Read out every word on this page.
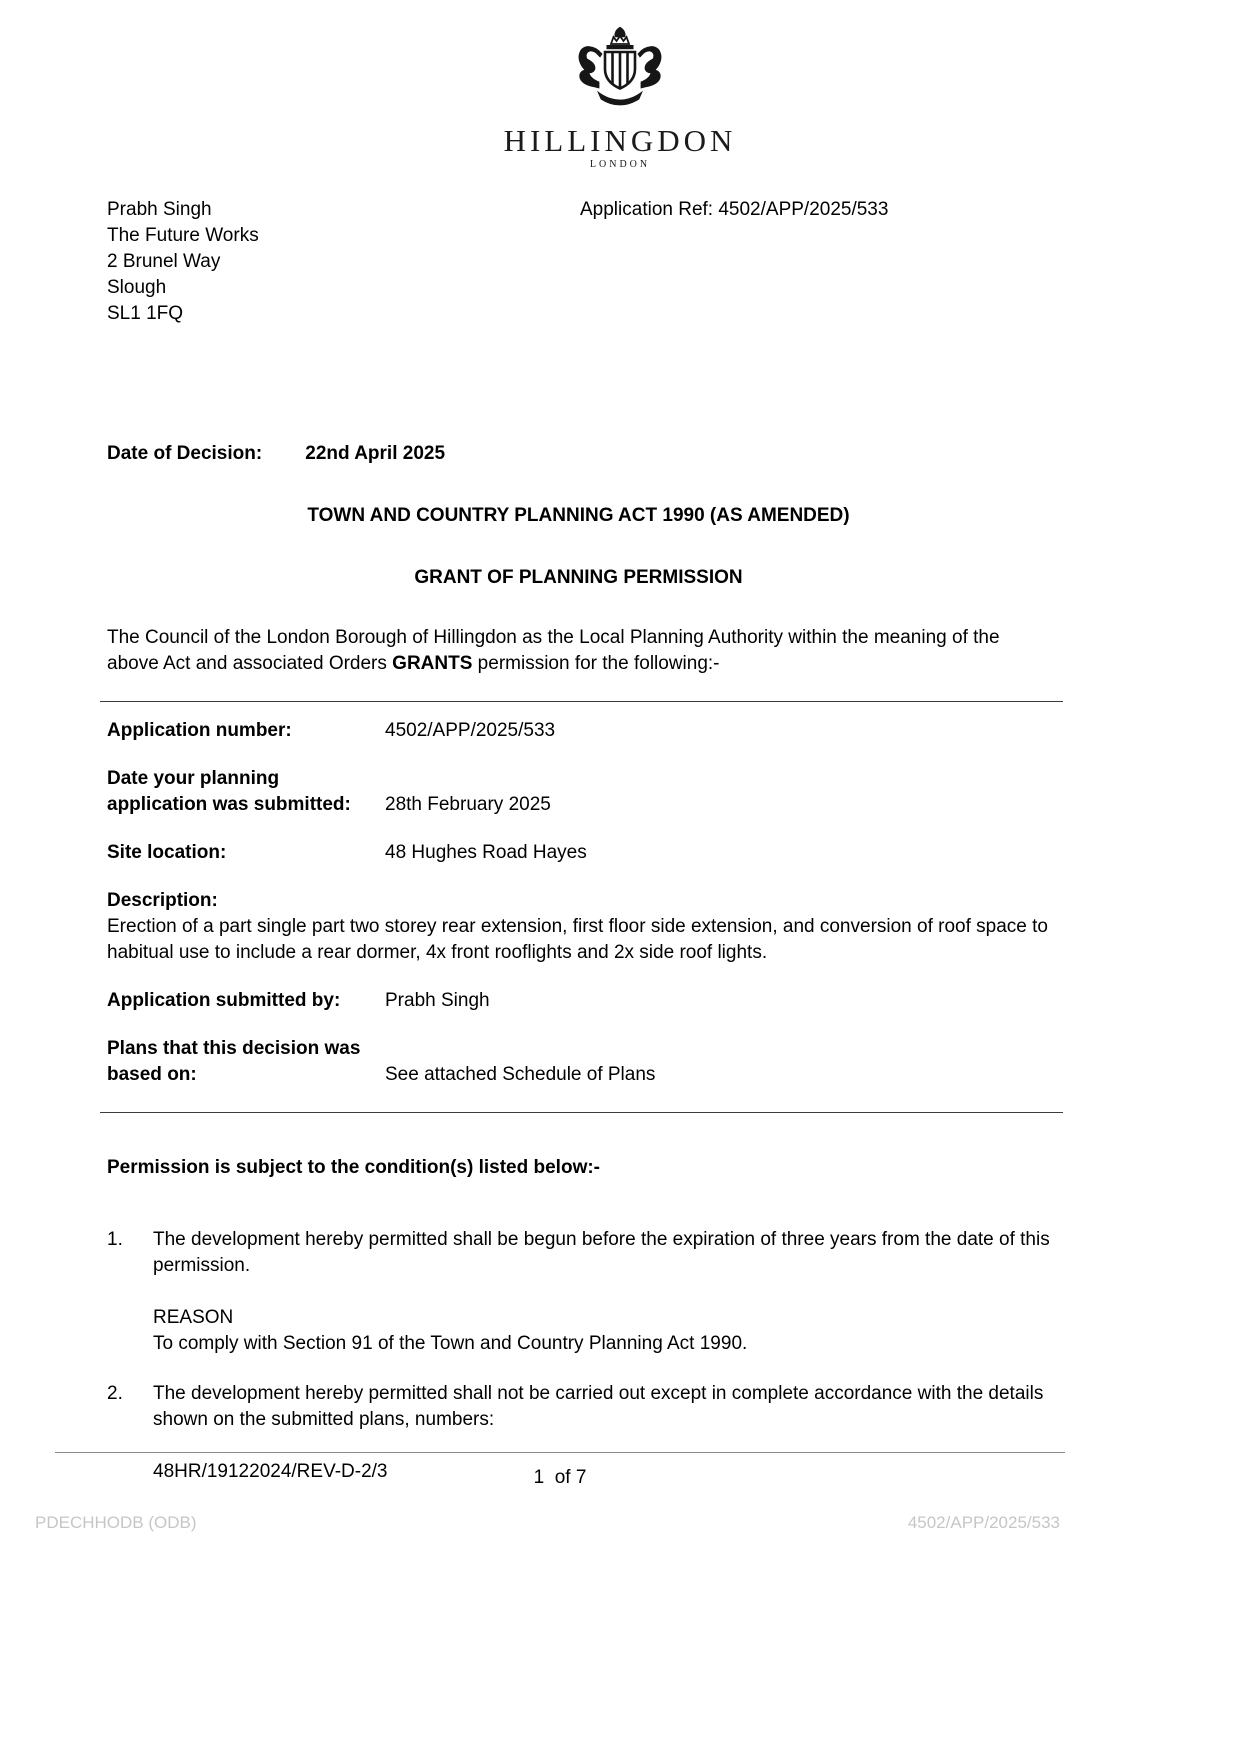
HILLINGDON
LONDON
Prabh Singh
The Future Works
2 Brunel Way
Slough
SL1 1FQ
Application Ref: 4502/APP/2025/533
Date of Decision: 22nd April 2025
TOWN AND COUNTRY PLANNING ACT 1990 (AS AMENDED)
GRANT OF PLANNING PERMISSION
The Council of the London Borough of Hillingdon as the Local Planning Authority within the meaning of the above Act and associated Orders GRANTS permission for the following:-
Application number:	4502/APP/2025/533
Date your planning
application was submitted:	28th February 2025
Site location:	48 Hughes Road Hayes
Description:
Erection of a part single part two storey rear extension, first floor side extension, and conversion of roof space to habitual use to include a rear dormer, 4x front rooflights and 2x side roof lights.
Application submitted by:	Prabh Singh
Plans that this decision was
based on:	See attached Schedule of Plans
Permission is subject to the condition(s) listed below:-
1.	The development hereby permitted shall be begun before the expiration of three years from the date of this permission.
REASON
To comply with Section 91 of the Town and Country Planning Act 1990.
2.	The development hereby permitted shall not be carried out except in complete accordance with the details shown on the submitted plans, numbers:
48HR/19122024/REV-D-2/3	1  of 7
PDECHHODB (ODB)	4502/APP/2025/533
